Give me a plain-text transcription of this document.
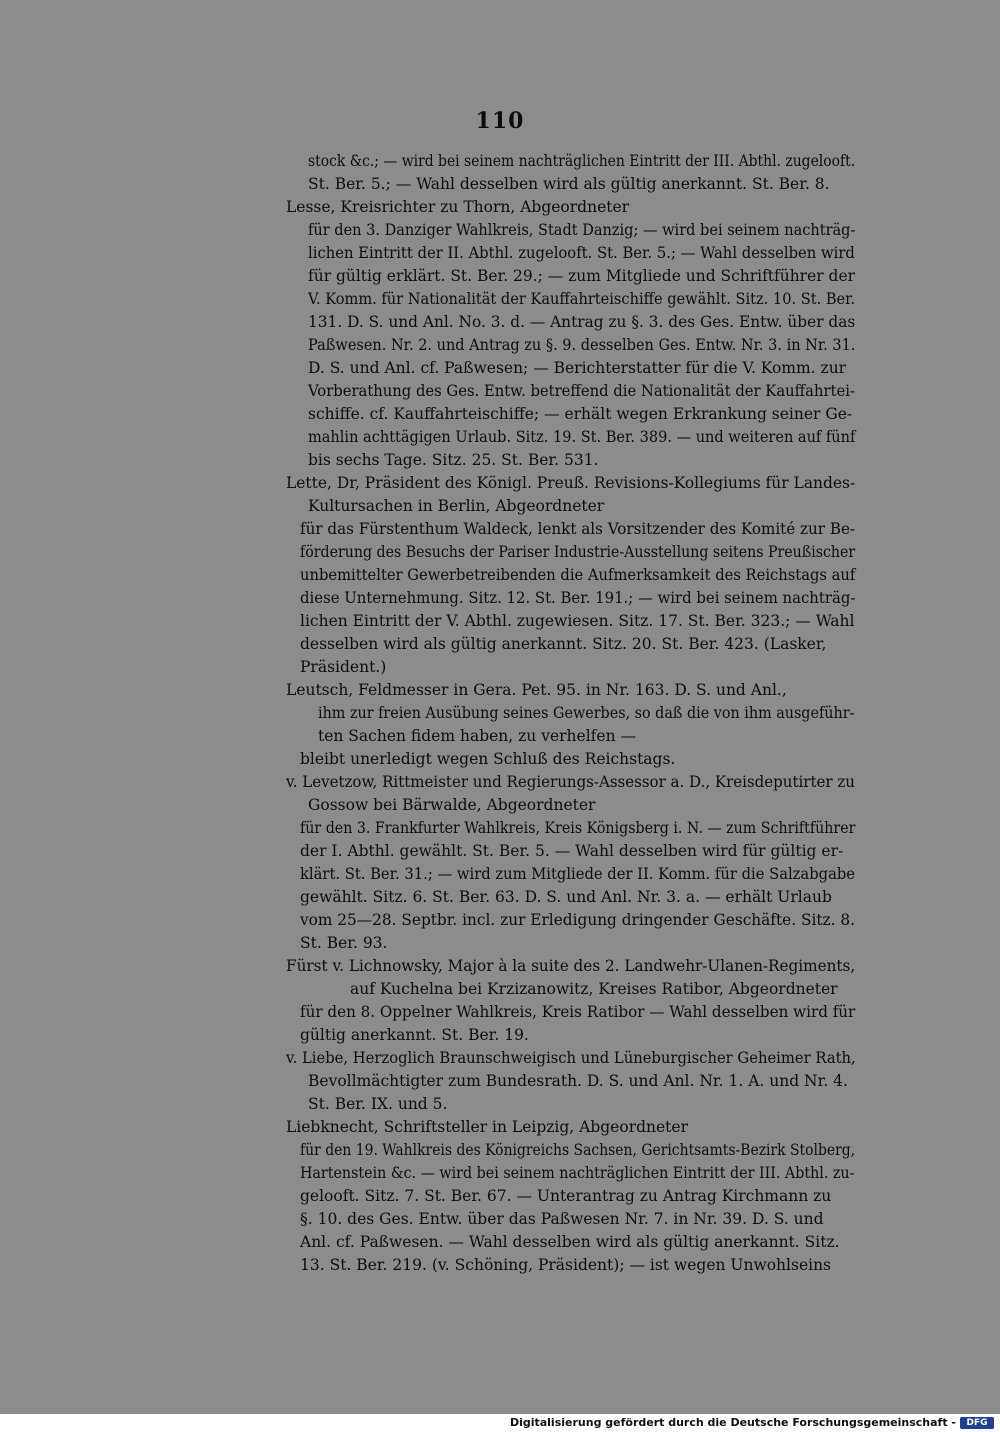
110
stock &c.; — wird bei seinem nachträglichen Eintritt der III. Abthl. zugelooft.
St. Ber. 5.; — Wahl desselben wird als gültig anerkannt. St. Ber. 8.
Lesse, Kreisrichter zu Thorn, Abgeordneter
für den 3. Danziger Wahlkreis, Stadt Danzig; — wird bei seinem nachträg-
lichen Eintritt der II. Abthl. zugelooft. St. Ber. 5.; — Wahl desselben wird
für gültig erklärt. St. Ber. 29.; — zum Mitgliede und Schriftführer der
V. Komm. für Nationalität der Kauffahrteischiffe gewählt. Sitz. 10. St. Ber.
131. D. S. und Anl. No. 3. d. — Antrag zu §. 3. des Ges. Entw. über das
Paßwesen. Nr. 2. und Antrag zu §. 9. desselben Ges. Entw. Nr. 3. in Nr. 31.
D. S. und Anl. cf. Paßwesen; — Berichterstatter für die V. Komm. zur
Vorberathung des Ges. Entw. betreffend die Nationalität der Kauffahrtei-
schiffe. cf. Kauffahrteischiffe; — erhält wegen Erkrankung seiner Ge-
mahlin achttägigen Urlaub. Sitz. 19. St. Ber. 389. — und weiteren auf fünf
bis sechs Tage. Sitz. 25. St. Ber. 531.
Lette, Dr, Präsident des Königl. Preuß. Revisions-Kollegiums für Landes-
Kultursachen in Berlin, Abgeordneter
für das Fürstenthum Waldeck, lenkt als Vorsitzender des Komité zur Be-
förderung des Besuchs der Pariser Industrie-Ausstellung seitens Preußischer
unbemittelter Gewerbetreibenden die Aufmerksamkeit des Reichstags auf
diese Unternehmung. Sitz. 12. St. Ber. 191.; — wird bei seinem nachträg-
lichen Eintritt der V. Abthl. zugewiesen. Sitz. 17. St. Ber. 323.; — Wahl
desselben wird als gültig anerkannt. Sitz. 20. St. Ber. 423. (Lasker,
Präsident.)
Leutsch, Feldmesser in Gera. Pet. 95. in Nr. 163. D. S. und Anl.,
ihm zur freien Ausübung seines Gewerbes, so daß die von ihm ausgeführ-
ten Sachen fidem haben, zu verhelfen —
bleibt unerledigt wegen Schluß des Reichstags.
v. Levetzow, Rittmeister und Regierungs-Assessor a. D., Kreisdeputirter zu
Gossow bei Bärwalde, Abgeordneter
für den 3. Frankfurter Wahlkreis, Kreis Königsberg i. N. — zum Schriftführer
der I. Abthl. gewählt. St. Ber. 5. — Wahl desselben wird für gültig er-
klärt. St. Ber. 31.; — wird zum Mitgliede der II. Komm. für die Salzabgabe
gewählt. Sitz. 6. St. Ber. 63. D. S. und Anl. Nr. 3. a. — erhält Urlaub
vom 25—28. Septbr. incl. zur Erledigung dringender Geschäfte. Sitz. 8.
St. Ber. 93.
Fürst v. Lichnowsky, Major à la suite des 2. Landwehr-Ulanen-Regiments,
auf Kuchelna bei Krzizanowitz, Kreises Ratibor, Abgeordneter
für den 8. Oppelner Wahlkreis, Kreis Ratibor — Wahl desselben wird für
gültig anerkannt. St. Ber. 19.
v. Liebe, Herzoglich Braunschweigisch und Lüneburgischer Geheimer Rath,
Bevollmächtigter zum Bundesrath. D. S. und Anl. Nr. 1. A. und Nr. 4.
St. Ber. IX. und 5.
Liebknecht, Schriftsteller in Leipzig, Abgeordneter
für den 19. Wahlkreis des Königreichs Sachsen, Gerichtsamts-Bezirk Stolberg,
Hartenstein &c. — wird bei seinem nachträglichen Eintritt der III. Abthl. zu-
gelooft. Sitz. 7. St. Ber. 67. — Unterantrag zu Antrag Kirchmann zu
§. 10. des Ges. Entw. über das Paßwesen Nr. 7. in Nr. 39. D. S. und
Anl. cf. Paßwesen. — Wahl desselben wird als gültig anerkannt. Sitz.
13. St. Ber. 219. (v. Schöning, Präsident); — ist wegen Unwohlseins
Digitalisierung gefördert durch die Deutsche Forschungsgemeinschaft -	DFG
